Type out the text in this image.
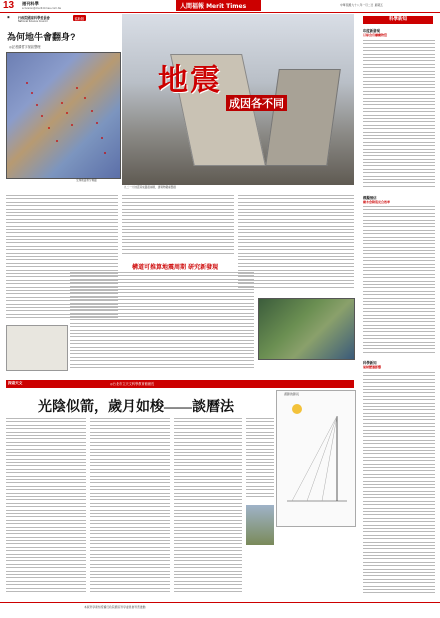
13 週刊科學
scivision@merit-times.com.tw	人間福報 Merit Times	中華民國九十八年一月二日 星期五
科學新知
印度新發現
月球含有礦藏物質
模擬預估
樹木會降低光合效率
科學新知
氣候變遷影響
◉	行政院國家科學委員會
National Science Council
協助版
為何地牛會翻身?
◎記者蘇哲宇採訪整理
全球地震帶分佈圖
地震
成因各不同
九二一大地震造成路面崩塌，建築物嚴重毀損
構道可推算地震周期 研究新發現
探索天文	◎台北市立天文科學教育館館長
光陰似箭，歲月如梭——談曆法
畫影的影長
本版科學新知授權行政院國家科學委員會科普推動
